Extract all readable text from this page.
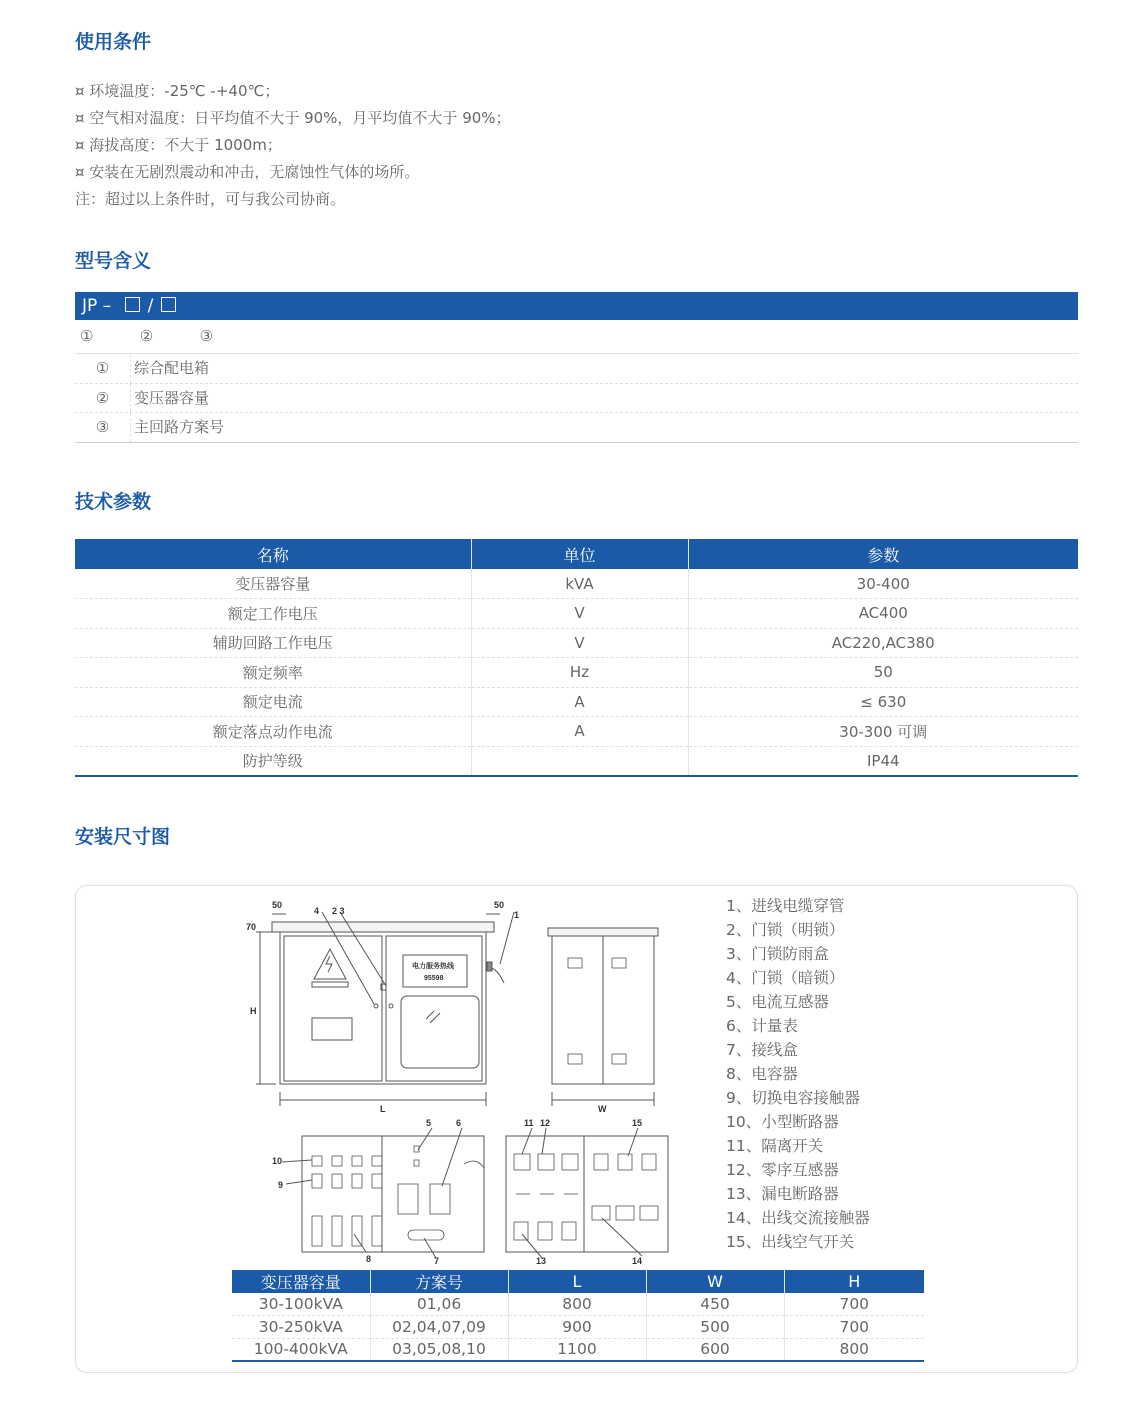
使用条件
¤ 环境温度：-25℃ -+40℃；
¤ 空气相对温度：日平均值不大于 90%，月平均值不大于 90%；
¤ 海拔高度：不大于 1000m；
¤ 安装在无剧烈震动和冲击，无腐蚀性气体的场所。
注：超过以上条件时，可与我公司协商。
型号含义
JP – /
①	②	③
①	综合配电箱
②	变压器容量
③	主回路方案号
技术参数
名称	单位	参数
变压器容量	kVA	30-400
额定工作电压	V	AC400
辅助回路工作电压	V	AC220,AC380
额定频率	Hz	50
额定电流	A	≤ 630
额定落点动作电流	A	30-300 可调
防护等级		IP44
安装尺寸图
50	50
70
H
L	W
1
2 3
4
5	6
7
8
9
10
11 12
13	14
15
电力服务热线
95598
1、进线电缆穿管
2、门锁（明锁）
3、门锁防雨盒
4、门锁（暗锁）
5、电流互感器
6、计量表
7、接线盒
8、电容器
9、切换电容接触器
10、小型断路器
11、隔离开关
12、零序互感器
13、漏电断路器
14、出线交流接触器
15、出线空气开关
变压器容量	方案号	L	W	H
30-100kVA	01,06	800	450	700
30-250kVA	02,04,07,09	900	500	700
100-400kVA	03,05,08,10	1100	600	800
